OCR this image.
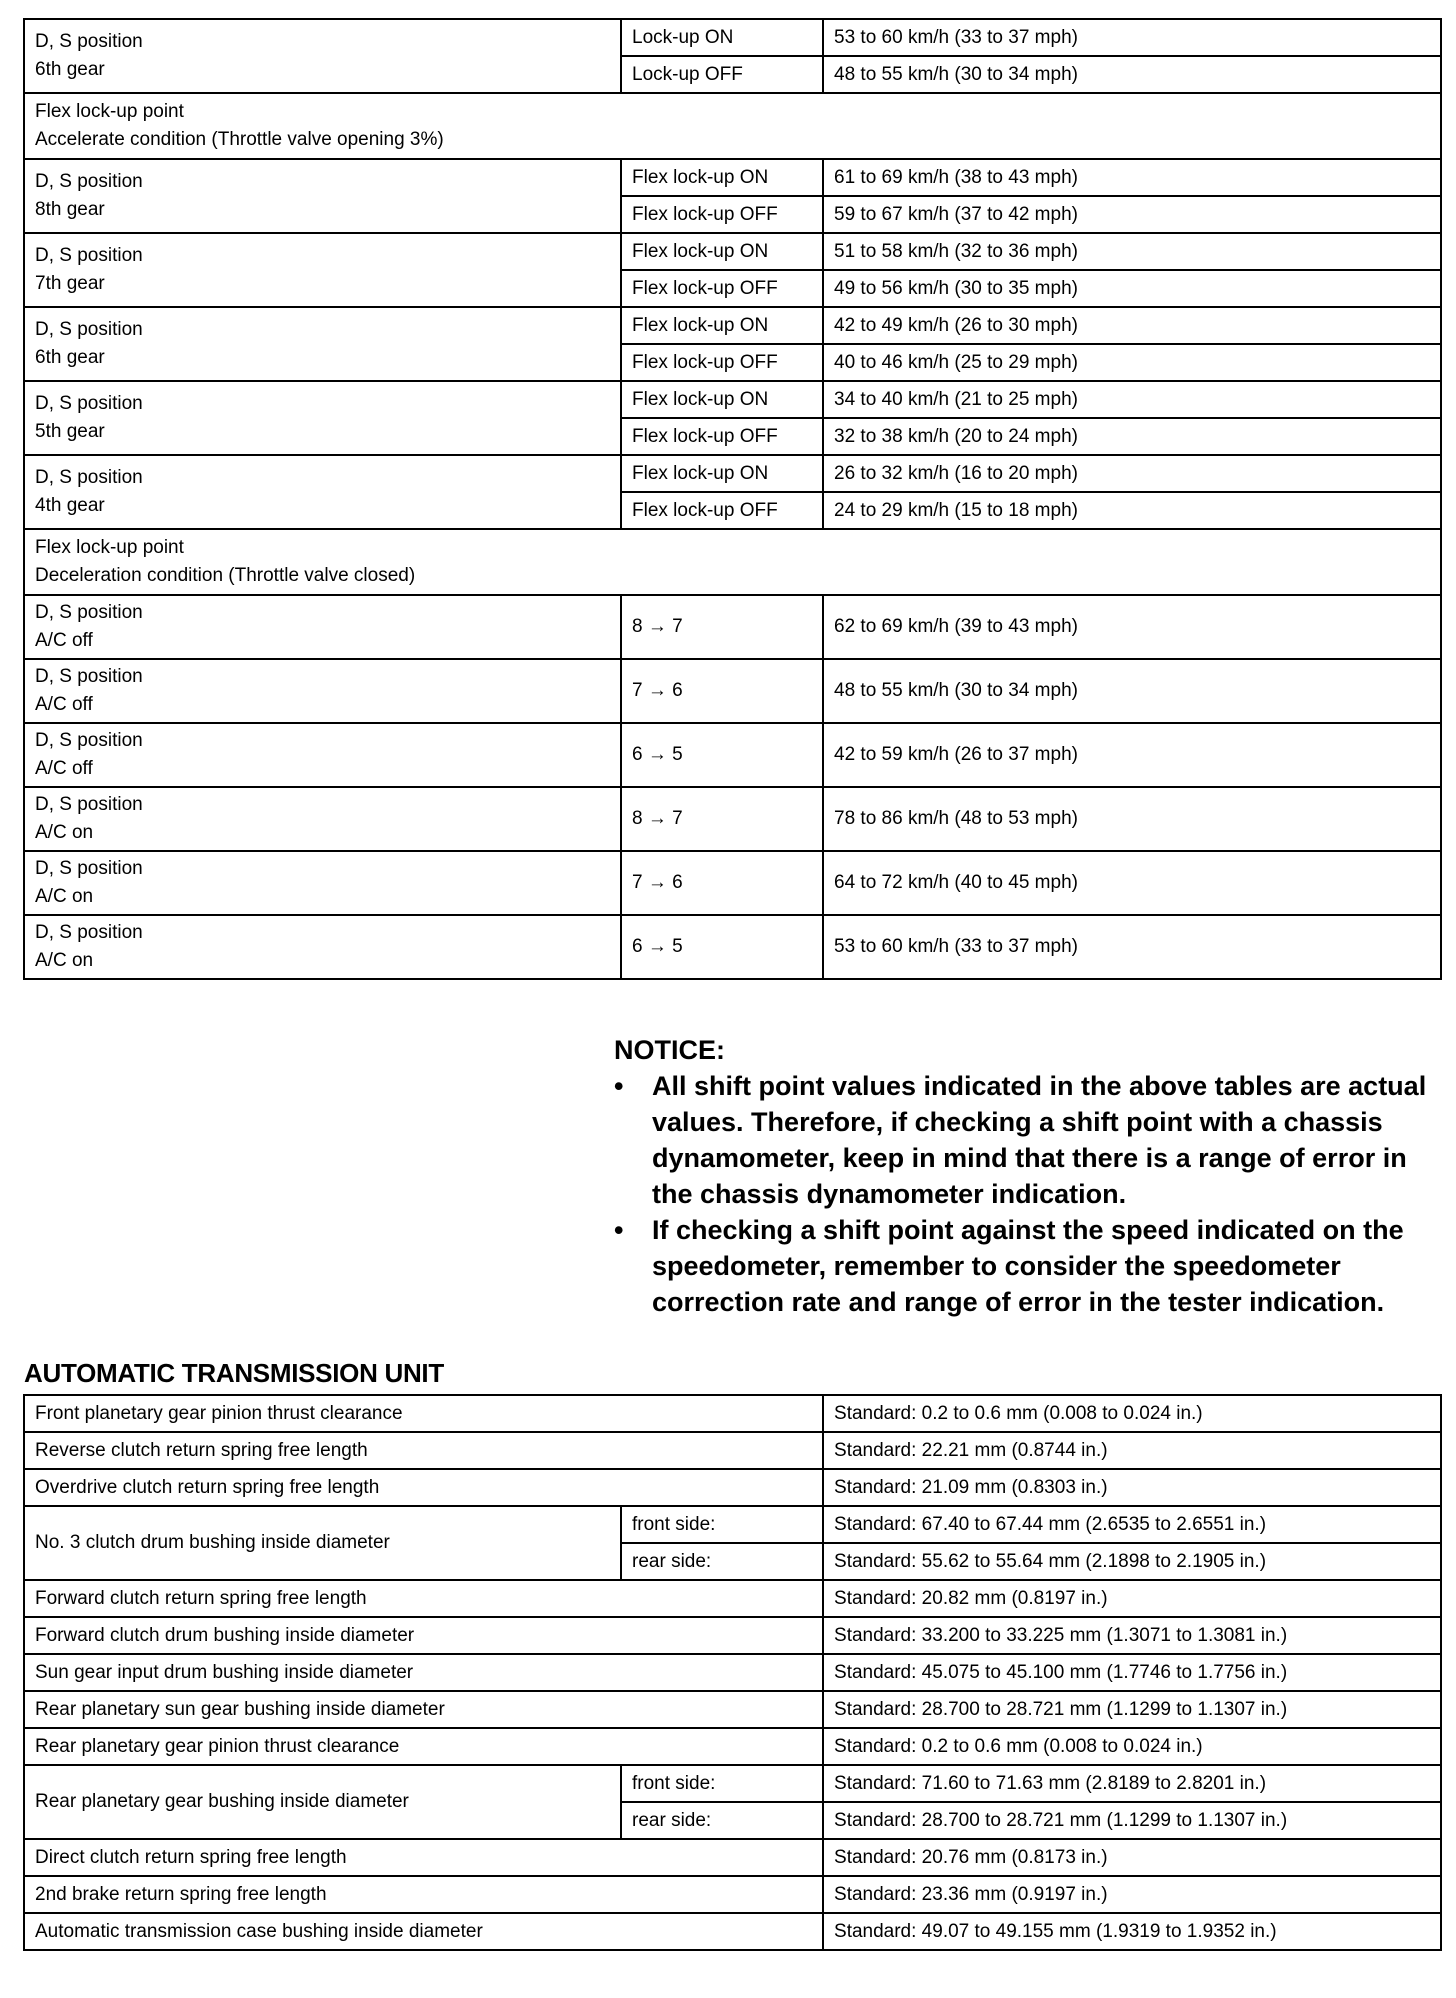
D, S position
6th gear	Lock-up ON	53 to 60 km/h (33 to 37 mph)
	Lock-up OFF	48 to 55 km/h (30 to 34 mph)
Flex lock-up point
Accelerate condition (Throttle valve opening 3%)		
D, S position
8th gear	Flex lock-up ON	61 to 69 km/h (38 to 43 mph)
	Flex lock-up OFF	59 to 67 km/h (37 to 42 mph)
D, S position
7th gear	Flex lock-up ON	51 to 58 km/h (32 to 36 mph)
	Flex lock-up OFF	49 to 56 km/h (30 to 35 mph)
D, S position
6th gear	Flex lock-up ON	42 to 49 km/h (26 to 30 mph)
	Flex lock-up OFF	40 to 46 km/h (25 to 29 mph)
D, S position
5th gear	Flex lock-up ON	34 to 40 km/h (21 to 25 mph)
	Flex lock-up OFF	32 to 38 km/h (20 to 24 mph)
D, S position
4th gear	Flex lock-up ON	26 to 32 km/h (16 to 20 mph)
	Flex lock-up OFF	24 to 29 km/h (15 to 18 mph)
Flex lock-up point
Deceleration condition (Throttle valve closed)		
D, S position
A/C off	8 → 7	62 to 69 km/h (39 to 43 mph)
D, S position
A/C off	7 → 6	48 to 55 km/h (30 to 34 mph)
D, S position
A/C off	6 → 5	42 to 59 km/h (26 to 37 mph)
D, S position
A/C on	8 → 7	78 to 86 km/h (48 to 53 mph)
D, S position
A/C on	7 → 6	64 to 72 km/h (40 to 45 mph)
D, S position
A/C on	6 → 5	53 to 60 km/h (33 to 37 mph)
NOTICE:
• All shift point values indicated in the above tables are actual values. Therefore, if checking a shift point with a chassis dynamometer, keep in mind that there is a range of error in the chassis dynamometer indication.
• If checking a shift point against the speed indicated on the speedometer, remember to consider the speedometer correction rate and range of error in the tester indication.
AUTOMATIC TRANSMISSION UNIT
Front planetary gear pinion thrust clearance		Standard: 0.2 to 0.6 mm (0.008 to 0.024 in.)
Reverse clutch return spring free length		Standard: 22.21 mm (0.8744 in.)
Overdrive clutch return spring free length		Standard: 21.09 mm (0.8303 in.)
No. 3 clutch drum bushing inside diameter	front side:	Standard: 67.40 to 67.44 mm (2.6535 to 2.6551 in.)
	rear side:	Standard: 55.62 to 55.64 mm (2.1898 to 2.1905 in.)
Forward clutch return spring free length		Standard: 20.82 mm (0.8197 in.)
Forward clutch drum bushing inside diameter		Standard: 33.200 to 33.225 mm (1.3071 to 1.3081 in.)
Sun gear input drum bushing inside diameter		Standard: 45.075 to 45.100 mm (1.7746 to 1.7756 in.)
Rear planetary sun gear bushing inside diameter		Standard: 28.700 to 28.721 mm (1.1299 to 1.1307 in.)
Rear planetary gear pinion thrust clearance		Standard: 0.2 to 0.6 mm (0.008 to 0.024 in.)
Rear planetary gear bushing inside diameter	front side:	Standard: 71.60 to 71.63 mm (2.8189 to 2.8201 in.)
	rear side:	Standard: 28.700 to 28.721 mm (1.1299 to 1.1307 in.)
Direct clutch return spring free length		Standard: 20.76 mm (0.8173 in.)
2nd brake return spring free length		Standard: 23.36 mm (0.9197 in.)
Automatic transmission case bushing inside diameter		Standard: 49.07 to 49.155 mm (1.9319 to 1.9352 in.)
